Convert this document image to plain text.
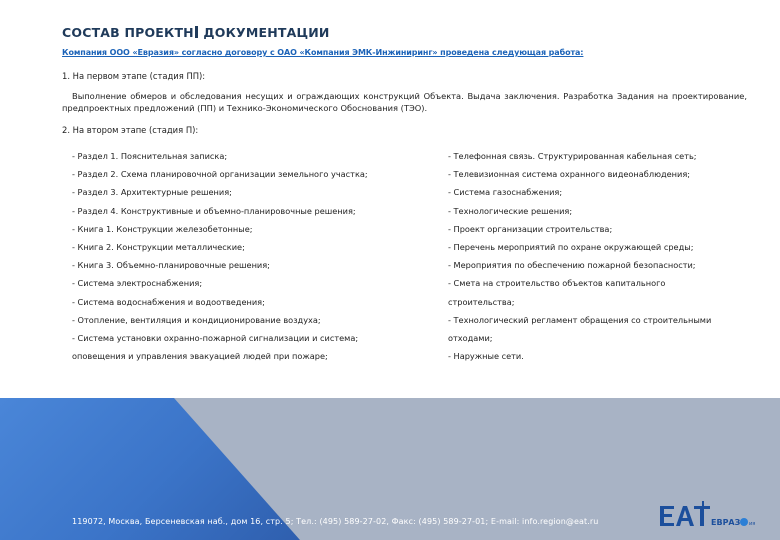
СОСТАВ ПРОЕКТН ДОКУМЕНТАЦИИ
Компания ООО «Евразия» согласно договору с ОАО «Компания ЭМК-Инжиниринг» проведена следующая работа:
1. На первом этапе (стадия ПП):
Выполнение обмеров и обследования несущих и ограждающих конструкций Объекта. Выдача заключения. Разработка Задания на проектирование, предпроектных предложений (ПП) и Технико-Экономического Обоснования (ТЭО).
2. На втором этапе (стадия П):
- Раздел 1. Пояснительная записка;
- Раздел 2. Схема планировочной организации земельного участка;
- Раздел 3. Архитектурные решения;
- Раздел 4. Конструктивные и объемно-планировочные решения;
- Книга 1. Конструкции железобетонные;
- Книга 2. Конструкции металлические;
- Книга 3. Объемно-планировочные решения;
- Система электроснабжения;
- Система водоснабжения и водоотведения;
- Отопление, вентиляция и кондиционирование воздуха;
- Система установки охранно-пожарной сигнализации и система;
оповещения и управления эвакуацией людей при пожаре;
- Телефонная связь. Структурированная кабельная сеть;
- Телевизионная система охранного видеонаблюдения;
- Система газоснабжения;
- Технологические решения;
- Проект организации строительства;
- Перечень мероприятий по охране окружающей среды;
- Мероприятия по обеспечению пожарной безопасности;
- Смета на строительство объектов капитального
строительства;
- Технологический регламент обращения со строительными
отходами;
- Наружные сети.
119072, Москва, Берсеневская наб., дом 16, стр. 5; Тел.: (495) 589-27-02, Факс: (495) 589-27-01; E-mail: info.region@eat.ru	ЕВРАЗ ия
